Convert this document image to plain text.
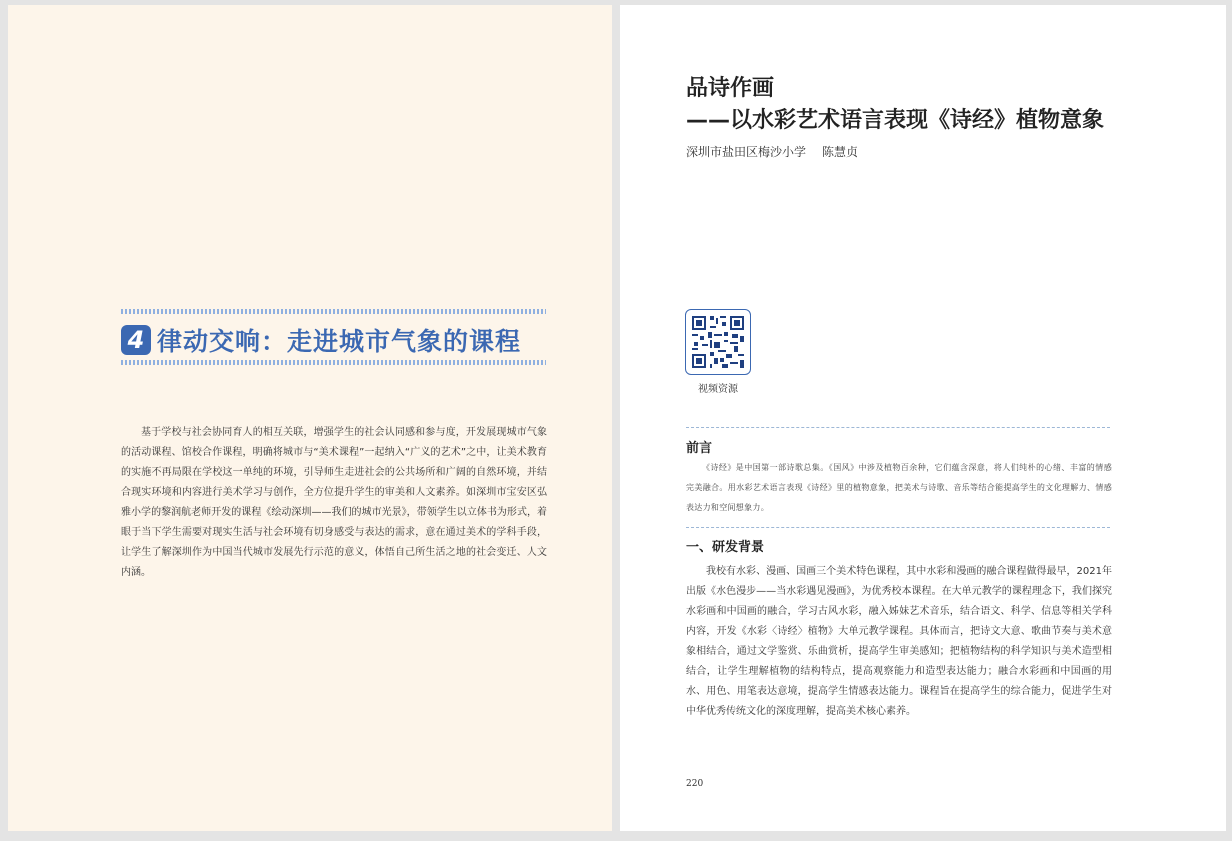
4 律动交响：走进城市气象的课程
基于学校与社会协同育人的相互关联，增强学生的社会认同感和参与度，开发展现城市气象的活动课程、馆校合作课程，明确将城市与“美术课程”一起纳入“广义的艺术”之中，让美术教育的实施不再局限在学校这一单纯的环境，引导师生走进社会的公共场所和广阔的自然环境，并结合现实环境和内容进行美术学习与创作，全方位提升学生的审美和人文素养。如深圳市宝安区弘雅小学的黎润航老师开发的课程《绘动深圳——我们的城市光景》，带领学生以立体书为形式，着眼于当下学生需要对现实生活与社会环境有切身感受与表达的需求，意在通过美术的学科手段，让学生了解深圳作为中国当代城市发展先行示范的意义，体悟自己所生活之地的社会变迁、人文内涵。
品诗作画
——以水彩艺术语言表现《诗经》植物意象
深圳市盐田区梅沙小学 陈慧贞
视频资源
前言
《诗经》是中国第一部诗歌总集。《国风》中涉及植物百余种，它们蕴含深意，将人们纯朴的心绪、丰富的情感完美融合。用水彩艺术语言表现《诗经》里的植物意象，把美术与诗歌、音乐等结合能提高学生的文化理解力、情感表达力和空间想象力。
一、研发背景
我校有水彩、漫画、国画三个美术特色课程，其中水彩和漫画的融合课程做得最早，2021年出版《水色漫步——当水彩遇见漫画》，为优秀校本课程。在大单元教学的课程理念下，我们探究水彩画和中国画的融合，学习古风水彩，融入姊妹艺术音乐，结合语文、科学、信息等相关学科内容，开发《水彩〈诗经〉植物》大单元教学课程。具体而言，把诗文大意、歌曲节奏与美术意象相结合，通过文学鉴赏、乐曲赏析，提高学生审美感知；把植物结构的科学知识与美术造型相结合，让学生理解植物的结构特点，提高观察能力和造型表达能力；融合水彩画和中国画的用水、用色、用笔表达意境，提高学生情感表达能力。课程旨在提高学生的综合能力，促进学生对中华优秀传统文化的深度理解，提高美术核心素养。
220
